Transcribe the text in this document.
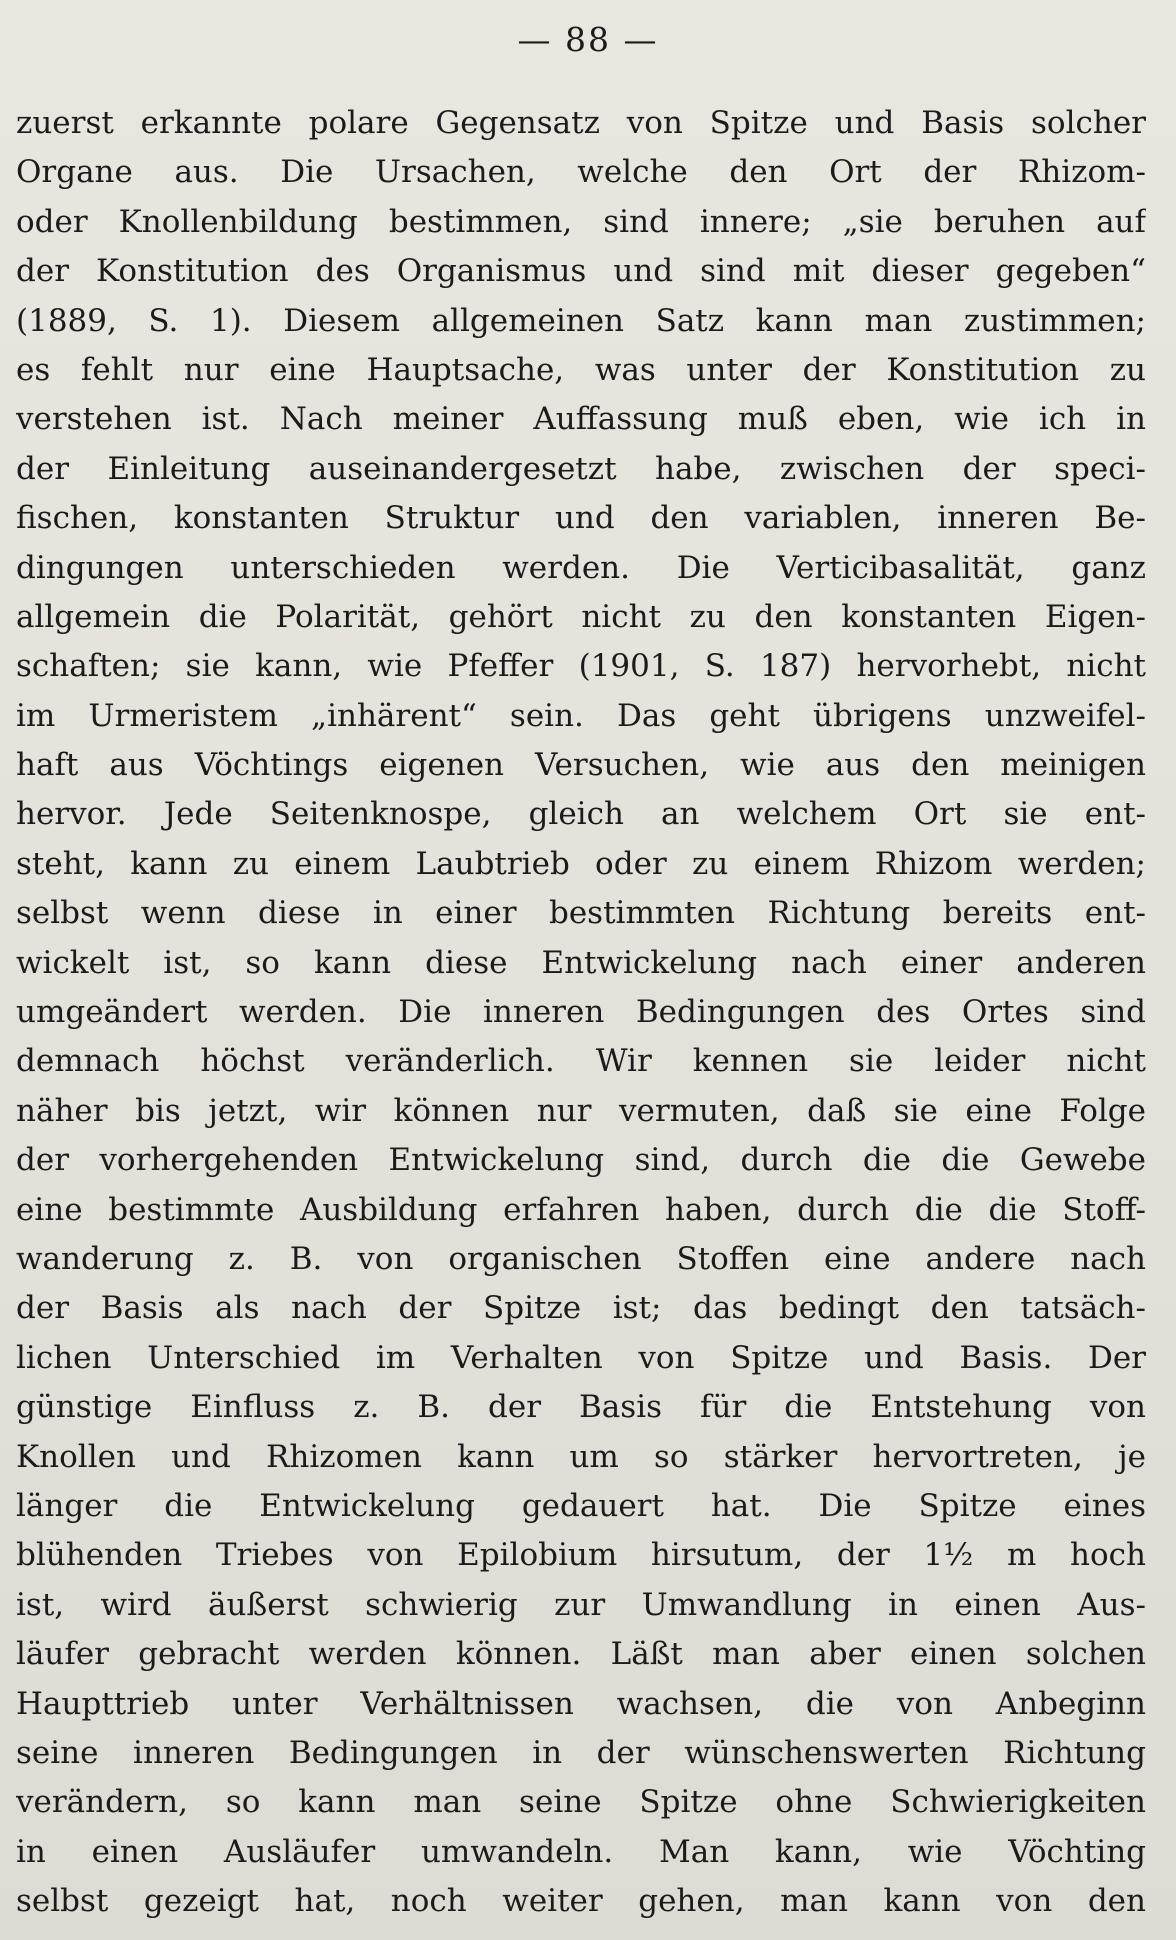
— 88 —
zuerst erkannte polare Gegensatz von Spitze und Basis solcher
Organe aus. Die Ursachen, welche den Ort der Rhizom-
oder Knollenbildung bestimmen, sind innere; „sie beruhen auf
der Konstitution des Organismus und sind mit dieser gegeben“
(1889, S. 1). Diesem allgemeinen Satz kann man zustimmen;
es fehlt nur eine Hauptsache, was unter der Konstitution zu
verstehen ist. Nach meiner Auffassung muß eben, wie ich in
der Einleitung auseinandergesetzt habe, zwischen der speci-
fischen, konstanten Struktur und den variablen, inneren Be-
dingungen unterschieden werden. Die Verticibasalität, ganz
allgemein die Polarität, gehört nicht zu den konstanten Eigen-
schaften; sie kann, wie Pfeffer (1901, S. 187) hervorhebt, nicht
im Urmeristem „inhärent“ sein. Das geht übrigens unzweifel-
haft aus Vöchtings eigenen Versuchen, wie aus den meinigen
hervor. Jede Seitenknospe, gleich an welchem Ort sie ent-
steht, kann zu einem Laubtrieb oder zu einem Rhizom werden;
selbst wenn diese in einer bestimmten Richtung bereits ent-
wickelt ist, so kann diese Entwickelung nach einer anderen
umgeändert werden. Die inneren Bedingungen des Ortes sind
demnach höchst veränderlich. Wir kennen sie leider nicht
näher bis jetzt, wir können nur vermuten, daß sie eine Folge
der vorhergehenden Entwickelung sind, durch die die Gewebe
eine bestimmte Ausbildung erfahren haben, durch die die Stoff-
wanderung z. B. von organischen Stoffen eine andere nach
der Basis als nach der Spitze ist; das bedingt den tatsäch-
lichen Unterschied im Verhalten von Spitze und Basis. Der
günstige Einfluss z. B. der Basis für die Entstehung von
Knollen und Rhizomen kann um so stärker hervortreten, je
länger die Entwickelung gedauert hat. Die Spitze eines
blühenden Triebes von Epilobium hirsutum, der 1½ m hoch
ist, wird äußerst schwierig zur Umwandlung in einen Aus-
läufer gebracht werden können. Läßt man aber einen solchen
Haupttrieb unter Verhältnissen wachsen, die von Anbeginn
seine inneren Bedingungen in der wünschenswerten Richtung
verändern, so kann man seine Spitze ohne Schwierigkeiten
in einen Ausläufer umwandeln. Man kann, wie Vöchting
selbst gezeigt hat, noch weiter gehen, man kann von den
